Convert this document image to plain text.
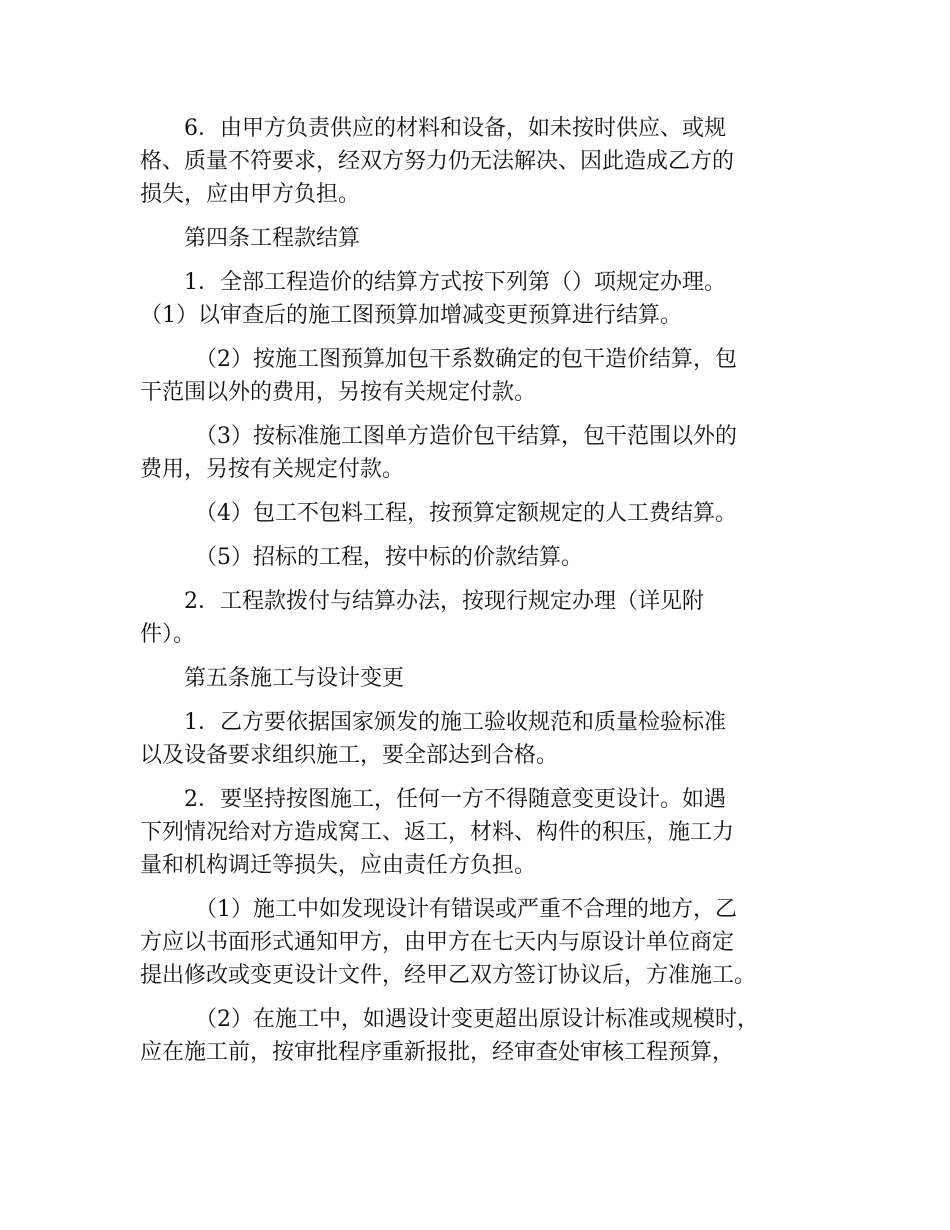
6．由甲方负责供应的材料和设备，如未按时供应、或规
格、质量不符要求，经双方努力仍无法解决、因此造成乙方的
损失，应由甲方负担。

第四条工程款结算

1．全部工程造价的结算方式按下列第（）项规定办理。
（1）以审查后的施工图预算加增减变更预算进行结算。

（2）按施工图预算加包干系数确定的包干造价结算，包
干范围以外的费用，另按有关规定付款。

（3）按标准施工图单方造价包干结算，包干范围以外的
费用，另按有关规定付款。

（4）包工不包料工程，按预算定额规定的人工费结算。

（5）招标的工程，按中标的价款结算。

2．工程款拨付与结算办法，按现行规定办理（详见附
件）。

第五条施工与设计变更

1．乙方要依据国家颁发的施工验收规范和质量检验标准
以及设备要求组织施工，要全部达到合格。

2．要坚持按图施工，任何一方不得随意变更设计。如遇
下列情况给对方造成窝工、返工，材料、构件的积压，施工力
量和机构调迁等损失，应由责任方负担。

（1）施工中如发现设计有错误或严重不合理的地方，乙
方应以书面形式通知甲方，由甲方在七天内与原设计单位商定
提出修改或变更设计文件，经甲乙双方签订协议后，方准施工。

（2）在施工中，如遇设计变更超出原设计标准或规模时，
应在施工前，按审批程序重新报批，经审查处审核工程预算，
